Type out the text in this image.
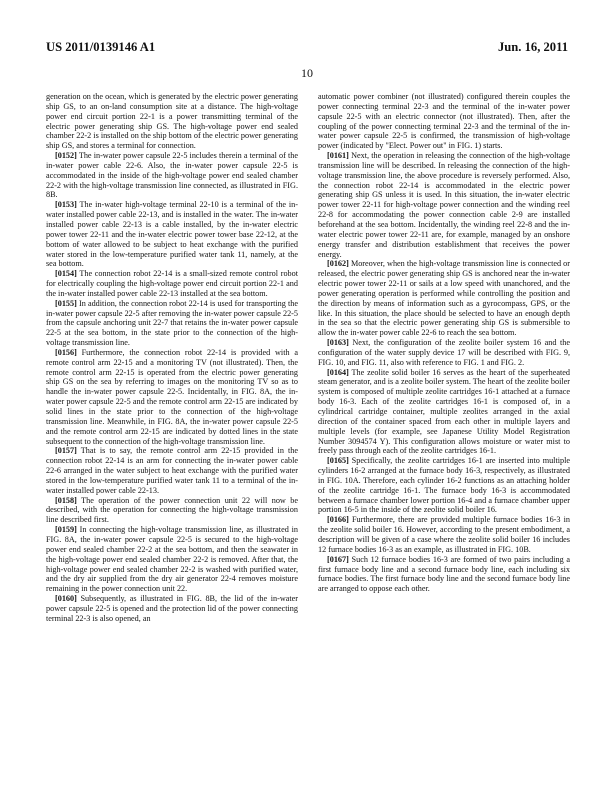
US 2011/0139146 A1	Jun. 16, 2011
10

generation on the ocean, which is generated by the electric power generating ship GS, to an on-land consumption site at a distance. The high-voltage power end circuit portion 22-1 is a power transmitting terminal of the electric power generating ship GS. The high-voltage power end sealed chamber 22-2 is installed on the ship bottom of the electric power generating ship GS, and stores a terminal for connection.

[0152] The in-water power capsule 22-5 includes therein a terminal of the in-water power cable 22-6. Also, the in-water power capsule 22-5 is accommodated in the inside of the high-voltage power end sealed chamber 22-2 with the high-voltage transmission line connected, as illustrated in FIG. 8B.

[0153] The in-water high-voltage terminal 22-10 is a terminal of the in-water installed power cable 22-13, and is installed in the water. The in-water installed power cable 22-13 is a cable installed, by the in-water electric power tower 22-11 and the in-water electric power tower base 22-12, at the bottom of water allowed to be subject to heat exchange with the purified water stored in the low-temperature purified water tank 11, namely, at the sea bottom.

[0154] The connection robot 22-14 is a small-sized remote control robot for electrically coupling the high-voltage power end circuit portion 22-1 and the in-water installed power cable 22-13 installed at the sea bottom.

[0155] In addition, the connection robot 22-14 is used for transporting the in-water power capsule 22-5 after removing the in-water power capsule 22-5 from the capsule anchoring unit 22-7 that retains the in-water power capsule 22-5 at the sea bottom, in the state prior to the connection of the high-voltage transmission line.

[0156] Furthermore, the connection robot 22-14 is provided with a remote control arm 22-15 and a monitoring TV (not illustrated). Then, the remote control arm 22-15 is operated from the electric power generating ship GS on the sea by referring to images on the monitoring TV so as to handle the in-water power capsule 22-5. Incidentally, in FIG. 8A, the in-water power capsule 22-5 and the remote control arm 22-15 are indicated by solid lines in the state prior to the connection of the high-voltage transmission line. Meanwhile, in FIG. 8A, the in-water power capsule 22-5 and the remote control arm 22-15 are indicated by dotted lines in the state subsequent to the connection of the high-voltage transmission line.

[0157] That is to say, the remote control arm 22-15 provided in the connection robot 22-14 is an arm for connecting the in-water power cable 22-6 arranged in the water subject to heat exchange with the purified water stored in the low-temperature purified water tank 11 to a terminal of the in-water installed power cable 22-13.

[0158] The operation of the power connection unit 22 will now be described, with the operation for connecting the high-voltage transmission line described first.

[0159] In connecting the high-voltage transmission line, as illustrated in FIG. 8A, the in-water power capsule 22-5 is secured to the high-voltage power end sealed chamber 22-2 at the sea bottom, and then the seawater in the high-voltage power end sealed chamber 22-2 is removed. After that, the high-voltage power end sealed chamber 22-2 is washed with purified water, and the dry air supplied from the dry air generator 22-4 removes moisture remaining in the power connection unit 22.

[0160] Subsequently, as illustrated in FIG. 8B, the lid of the in-water power capsule 22-5 is opened and the protection lid of the power connecting terminal 22-3 is also opened, an

automatic power combiner (not illustrated) configured therein couples the power connecting terminal 22-3 and the terminal of the in-water power capsule 22-5 with an electric connector (not illustrated). Then, after the coupling of the power connecting terminal 22-3 and the terminal of the in-water power capsule 22-5 is confirmed, the transmission of high-voltage power (indicated by "Elect. Power out" in FIG. 1) starts.

[0161] Next, the operation in releasing the connection of the high-voltage transmission line will be described. In releasing the connection of the high-voltage transmission line, the above procedure is reversely performed. Also, the connection robot 22-14 is accommodated in the electric power generating ship GS unless it is used. In this situation, the in-water electric power tower 22-11 for high-voltage power connection and the winding reel 22-8 for accommodating the power connection cable 2-9 are installed beforehand at the sea bottom. Incidentally, the winding reel 22-8 and the in-water electric power tower 22-11 are, for example, managed by an onshore energy transfer and distribution establishment that receives the power energy.

[0162] Moreover, when the high-voltage transmission line is connected or released, the electric power generating ship GS is anchored near the in-water electric power tower 22-11 or sails at a low speed with unanchored, and the power generating operation is performed while controlling the position and the direction by means of information such as a gyrocompass, GPS, or the like. In this situation, the place should be selected to have an enough depth in the sea so that the electric power generating ship GS is submersible to allow the in-water power cable 22-6 to reach the sea bottom.

[0163] Next, the configuration of the zeolite boiler system 16 and the configuration of the water supply device 17 will be described with FIG. 9, FIG. 10, and FIG. 11, also with reference to FIG. 1 and FIG. 2.

[0164] The zeolite solid boiler 16 serves as the heart of the superheated steam generator, and is a zeolite boiler system. The heart of the zeolite boiler system is composed of multiple zeolite cartridges 16-1 attached at a furnace body 16-3. Each of the zeolite cartridges 16-1 is composed of, in a cylindrical cartridge container, multiple zeolites arranged in the axial direction of the container spaced from each other in multiple layers and multiple levels (for example, see Japanese Utility Model Registration Number 3094574 Y). This configuration allows moisture or water mist to freely pass through each of the zeolite cartridges 16-1.

[0165] Specifically, the zeolite cartridges 16-1 are inserted into multiple cylinders 16-2 arranged at the furnace body 16-3, respectively, as illustrated in FIG. 10A. Therefore, each cylinder 16-2 functions as an attaching holder of the zeolite cartridge 16-1. The furnace body 16-3 is accommodated between a furnace chamber lower portion 16-4 and a furnace chamber upper portion 16-5 in the inside of the zeolite solid boiler 16.

[0166] Furthermore, there are provided multiple furnace bodies 16-3 in the zeolite solid boiler 16. However, according to the present embodiment, a description will be given of a case where the zeolite solid boiler 16 includes 12 furnace bodies 16-3 as an example, as illustrated in FIG. 10B.

[0167] Such 12 furnace bodies 16-3 are formed of two pairs including a first furnace body line and a second furnace body line, each including six furnace bodies. The first furnace body line and the second furnace body line are arranged to oppose each other.
